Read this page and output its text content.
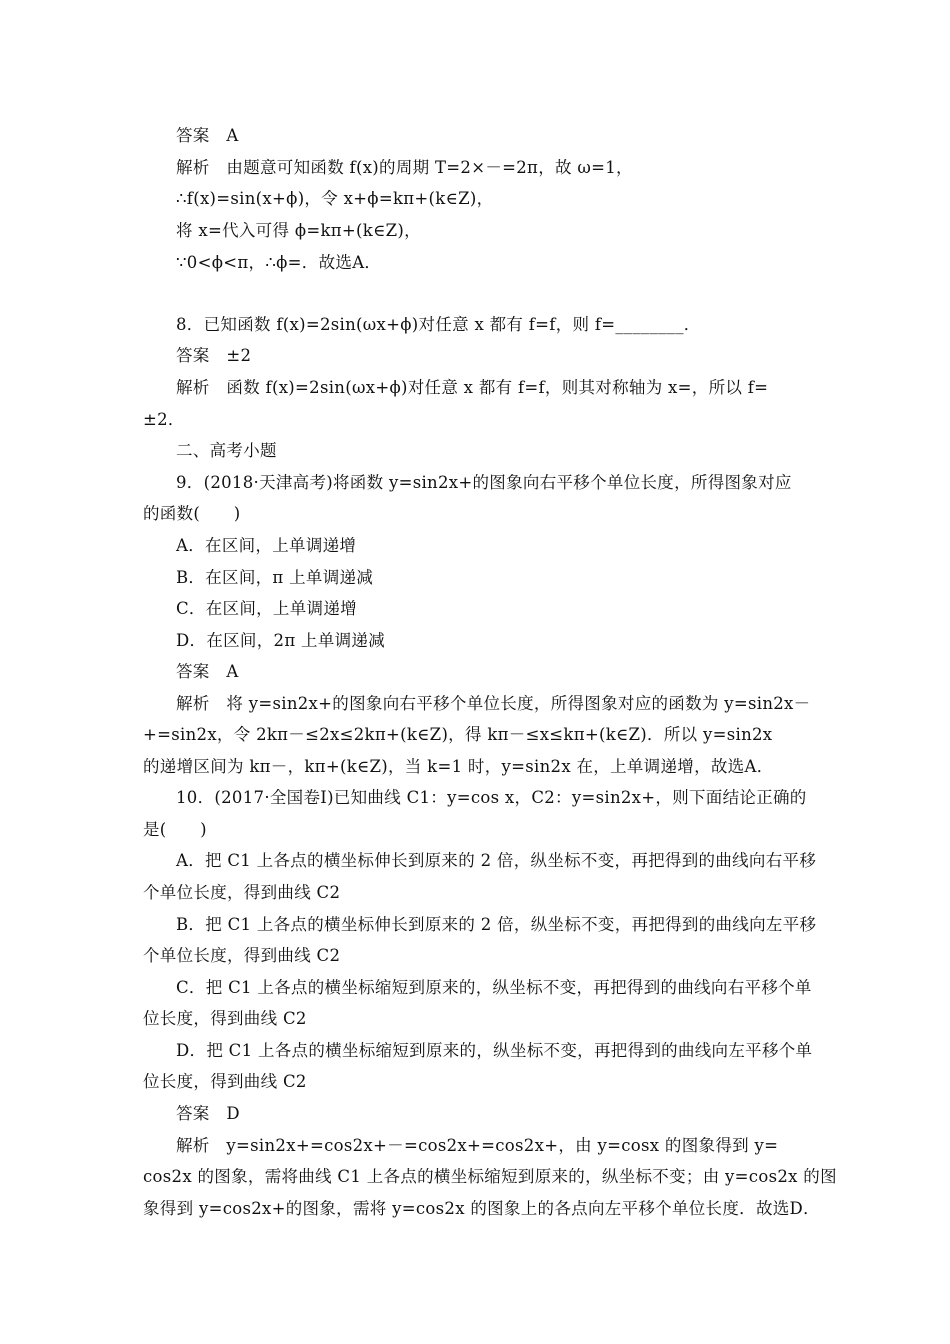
答案　A
解析　由题意可知函数 f(x)的周期 T=2×－=2π，故 ω=1，
∴f(x)=sin(x+ϕ)，令 x+ϕ=kπ+(k∈Z)，
将 x=代入可得 ϕ=kπ+(k∈Z)，
∵0<ϕ<π，∴ϕ=．故选A．
8．已知函数 f(x)=2sin(ωx+ϕ)对任意 x 都有 f=f，则 f=________．
答案　±2
解析　函数 f(x)=2sin(ωx+ϕ)对任意 x 都有 f=f，则其对称轴为 x=，所以 f=
±2．
二、高考小题
9．(2018·天津高考)将函数 y=sin2x+的图象向右平移个单位长度，所得图象对应
的函数(　　)
A．在区间，上单调递增
B．在区间，π 上单调递减
C．在区间，上单调递增
D．在区间，2π 上单调递减
答案　A
解析　将 y=sin2x+的图象向右平移个单位长度，所得图象对应的函数为 y=sin2x－
+=sin2x，令 2kπ－≤2x≤2kπ+(k∈Z)，得 kπ－≤x≤kπ+(k∈Z)．所以 y=sin2x
的递增区间为 kπ－，kπ+(k∈Z)，当 k=1 时，y=sin2x 在，上单调递增，故选A．
10．(2017·全国卷Ⅰ)已知曲线 C1：y=cos x，C2：y=sin2x+，则下面结论正确的
是(　　)
A．把 C1 上各点的横坐标伸长到原来的 2 倍，纵坐标不变，再把得到的曲线向右平移
个单位长度，得到曲线 C2
B．把 C1 上各点的横坐标伸长到原来的 2 倍，纵坐标不变，再把得到的曲线向左平移
个单位长度，得到曲线 C2
C．把 C1 上各点的横坐标缩短到原来的，纵坐标不变，再把得到的曲线向右平移个单
位长度，得到曲线 C2
D．把 C1 上各点的横坐标缩短到原来的，纵坐标不变，再把得到的曲线向左平移个单
位长度，得到曲线 C2
答案　D
解析　y=sin2x+=cos2x+－=cos2x+=cos2x+，由 y=cosx 的图象得到 y=
cos2x 的图象，需将曲线 C1 上各点的横坐标缩短到原来的，纵坐标不变；由 y=cos2x 的图
象得到 y=cos2x+的图象，需将 y=cos2x 的图象上的各点向左平移个单位长度．故选D．
